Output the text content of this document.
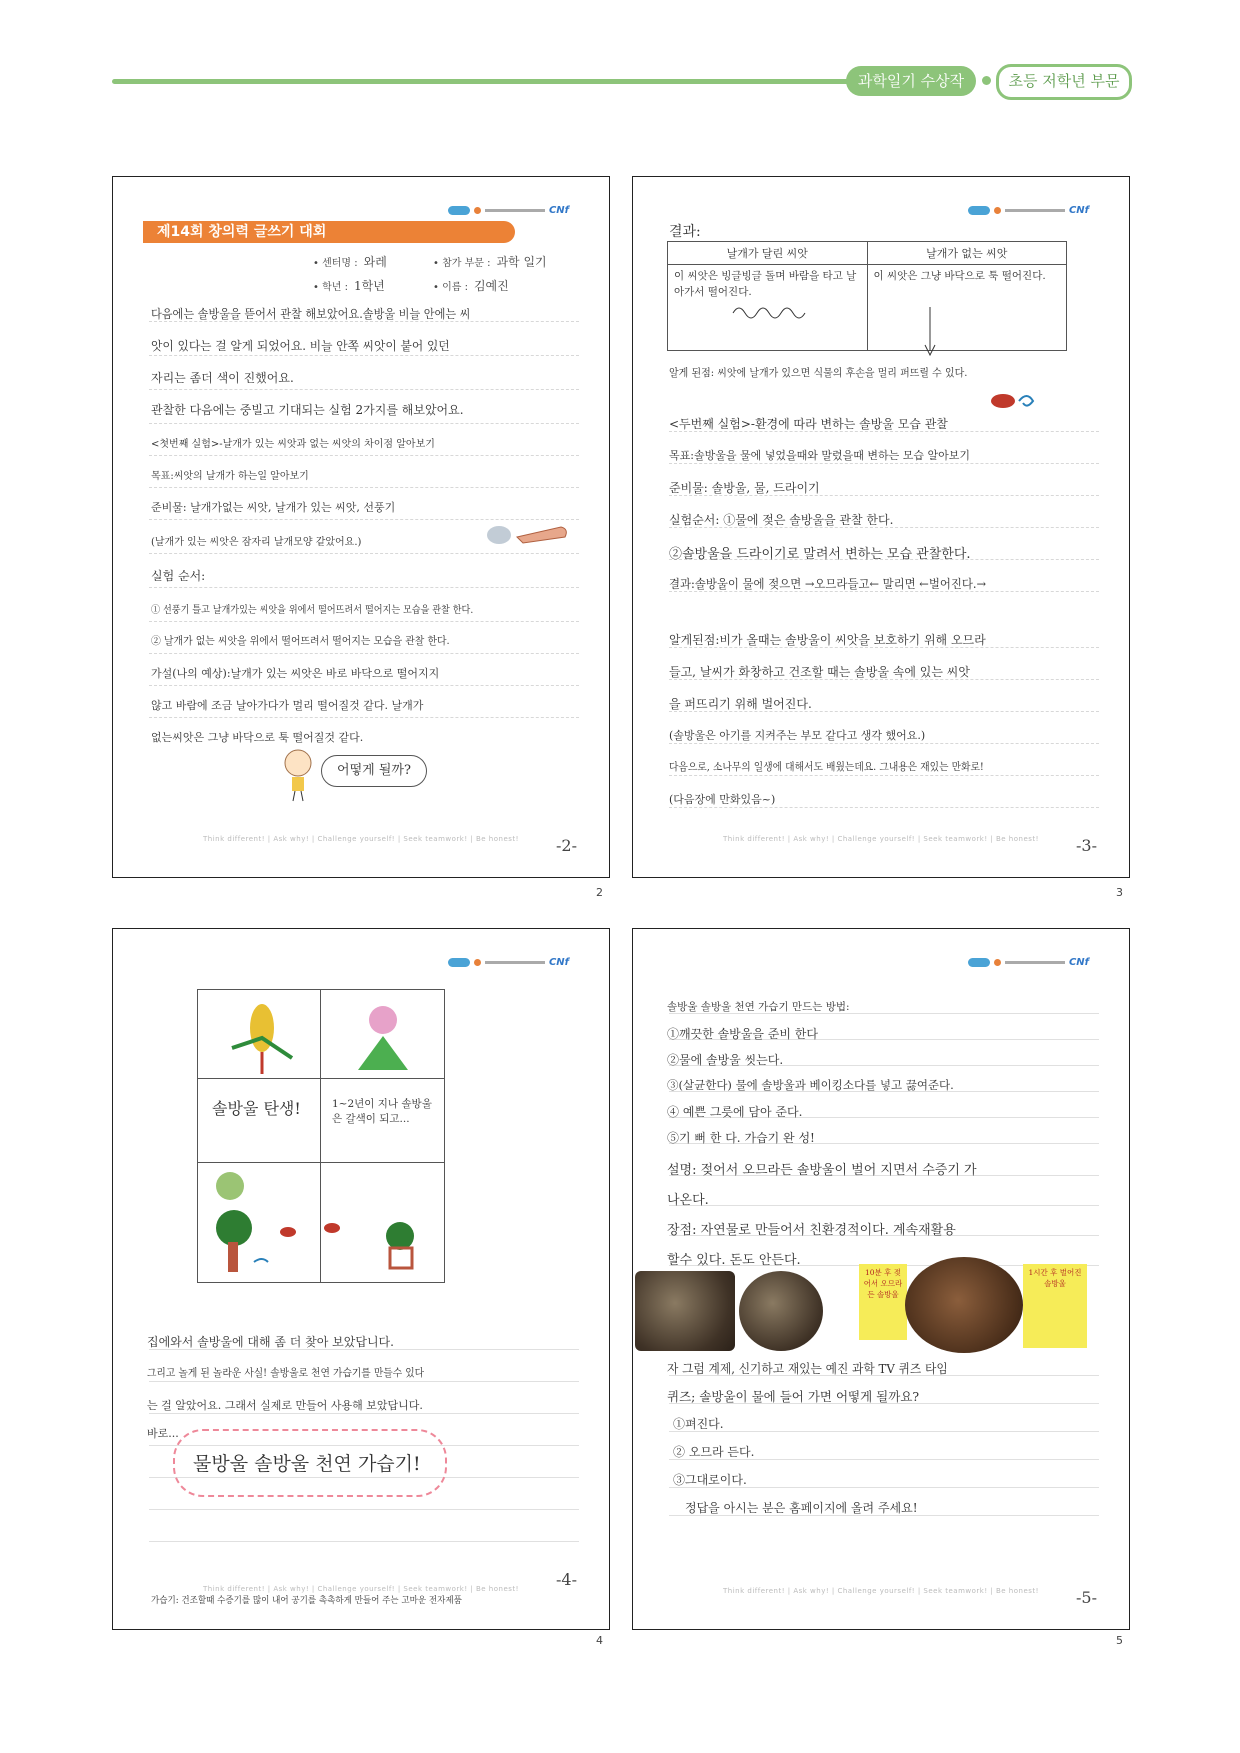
과학일기 수상작	초등 저학년 부문
CNf
제14회 창의력 글쓰기 대회
• 센터명 : 와레	• 참가 부문 : 과학 일기
• 학년 : 1학년	• 이름 : 김예진
다음에는 솔방울을 뜯어서 관찰 해보았어요.솔방울 비늘 안에는 씨
앗이 있다는 걸 알게 되었어요. 비늘 안쪽 씨앗이 붙어 있던
자리는 좀더 색이 진했어요.
관찰한 다음에는 중빌고 기대되는 실험 2가지를 해보았어요.
<첫번째 실험>-날개가 있는 씨앗과 없는 씨앗의 차이점 알아보기
목표:씨앗의 날개가 하는일 알아보기
준비물: 날개가없는 씨앗, 날개가 있는 씨앗, 선풍기
(날개가 있는 씨앗은 잠자리 날개모양 같았어요.)
실험 순서:
① 선풍기 틀고 날개가있는 씨앗을 위에서 떨어뜨려서 떨어지는 모습을 관찰 한다.
② 날개가 없는 씨앗을 위에서 떨어뜨려서 떨어지는 모습을 관찰 한다.
가설(나의 예상):날개가 있는 씨앗은 바로 바닥으로 떨어지지
않고 바람에 조금 날아가다가 멀리 떨어질것 같다. 날개가
없는씨앗은 그냥 바닥으로 툭 떨어질것 같다.
어떻게 될까?
Think different! | Ask why! | Challenge yourself! | Seek teamwork! | Be honest!	-2-
2
CNf
결과:
날개가 달린 씨앗	날개가 없는 씨앗
이 씨앗은 빙글빙글 돌며 바람을 타고 날아가서 떨어진다.	이 씨앗은 그냥 바닥으로 툭 떨어진다.
알게 된점: 씨앗에 날개가 있으면 식물의 후손을 멀리 퍼뜨릴 수 있다.
<두번째 실험>-환경에 따라 변하는 솔방울 모습 관찰
목표:솔방울을 물에 넣었을때와 말렸을때 변하는 모습 알아보기
준비물: 솔방울, 물, 드라이기
실험순서: ①물에 젖은 솔방울을 관찰 한다.
②솔방울을 드라이기로 말려서 변하는 모습 관찰한다.
결과:솔방울이 물에 젖으면 →오므라들고← 말리면 ←벌어진다.→
알게된점:비가 올때는 솔방울이 씨앗을 보호하기 위해 오므라
들고, 날씨가 화창하고 건조할 때는 솔방울 속에 있는 씨앗
을 퍼뜨리기 위해 벌어진다.
(솔방울은 아기를 지켜주는 부모 같다고 생각 했어요.)
다음으로, 소나무의 일생에 대해서도 배웠는데요. 그내용은 재있는 만화로!
(다음장에 만화있음~)
Think different! | Ask why! | Challenge yourself! | Seek teamwork! | Be honest!	-3-
3
CNf
솔방울 탄생!	1~2년이 지나 솔방울은 갈색이 되고...
집에와서 솔방울에 대해 좀 더 찾아 보았답니다.
그리고 놀게 된 놀라운 사실! 솔방울로 천연 가습기를 만들수 있다
는 걸 알았어요. 그래서 실제로 만들어 사용해 보았답니다.
바로...
물방울 솔방울 천연 가습기!
Think different! | Ask why! | Challenge yourself! | Seek teamwork! | Be honest!	-4-
가습기: 건조할때 수증기를 많이 내어 공기를 촉촉하게 만들어 주는 고마운 전자제품
4
CNf
솔방울 솔방울 천연 가습기 만드는 방법:
①깨끗한 솔방울을 준비 한다
②물에 솔방울 씻는다.
③(살균한다) 물에 솔방울과 베이킹소다를 넣고 끓여준다.
④ 예쁜 그릇에 담아 준다.
⑤기 뻐 한 다. 가습기 완 성!
설명: 젖어서 오므라든 솔방울이 벌어 지면서 수증기 가
나온다.
장점: 자연물로 만들어서 친환경적이다. 계속재활용
할수 있다. 돈도 안든다.
10분 후 젖어서 오므라든 솔방울
1시간 후 벌어진 솔방울
자 그럼 계제, 신기하고 재있는 예진 과학 TV 퀴즈 타임
퀴즈; 솔방울이 물에 들어 가면 어떻게 될까요?
①펴진다.
② 오므라 든다.
③그대로이다.
정답을 아시는 분은 홈페이지에 올려 주세요!
Think different! | Ask why! | Challenge yourself! | Seek teamwork! | Be honest!	-5-
5
